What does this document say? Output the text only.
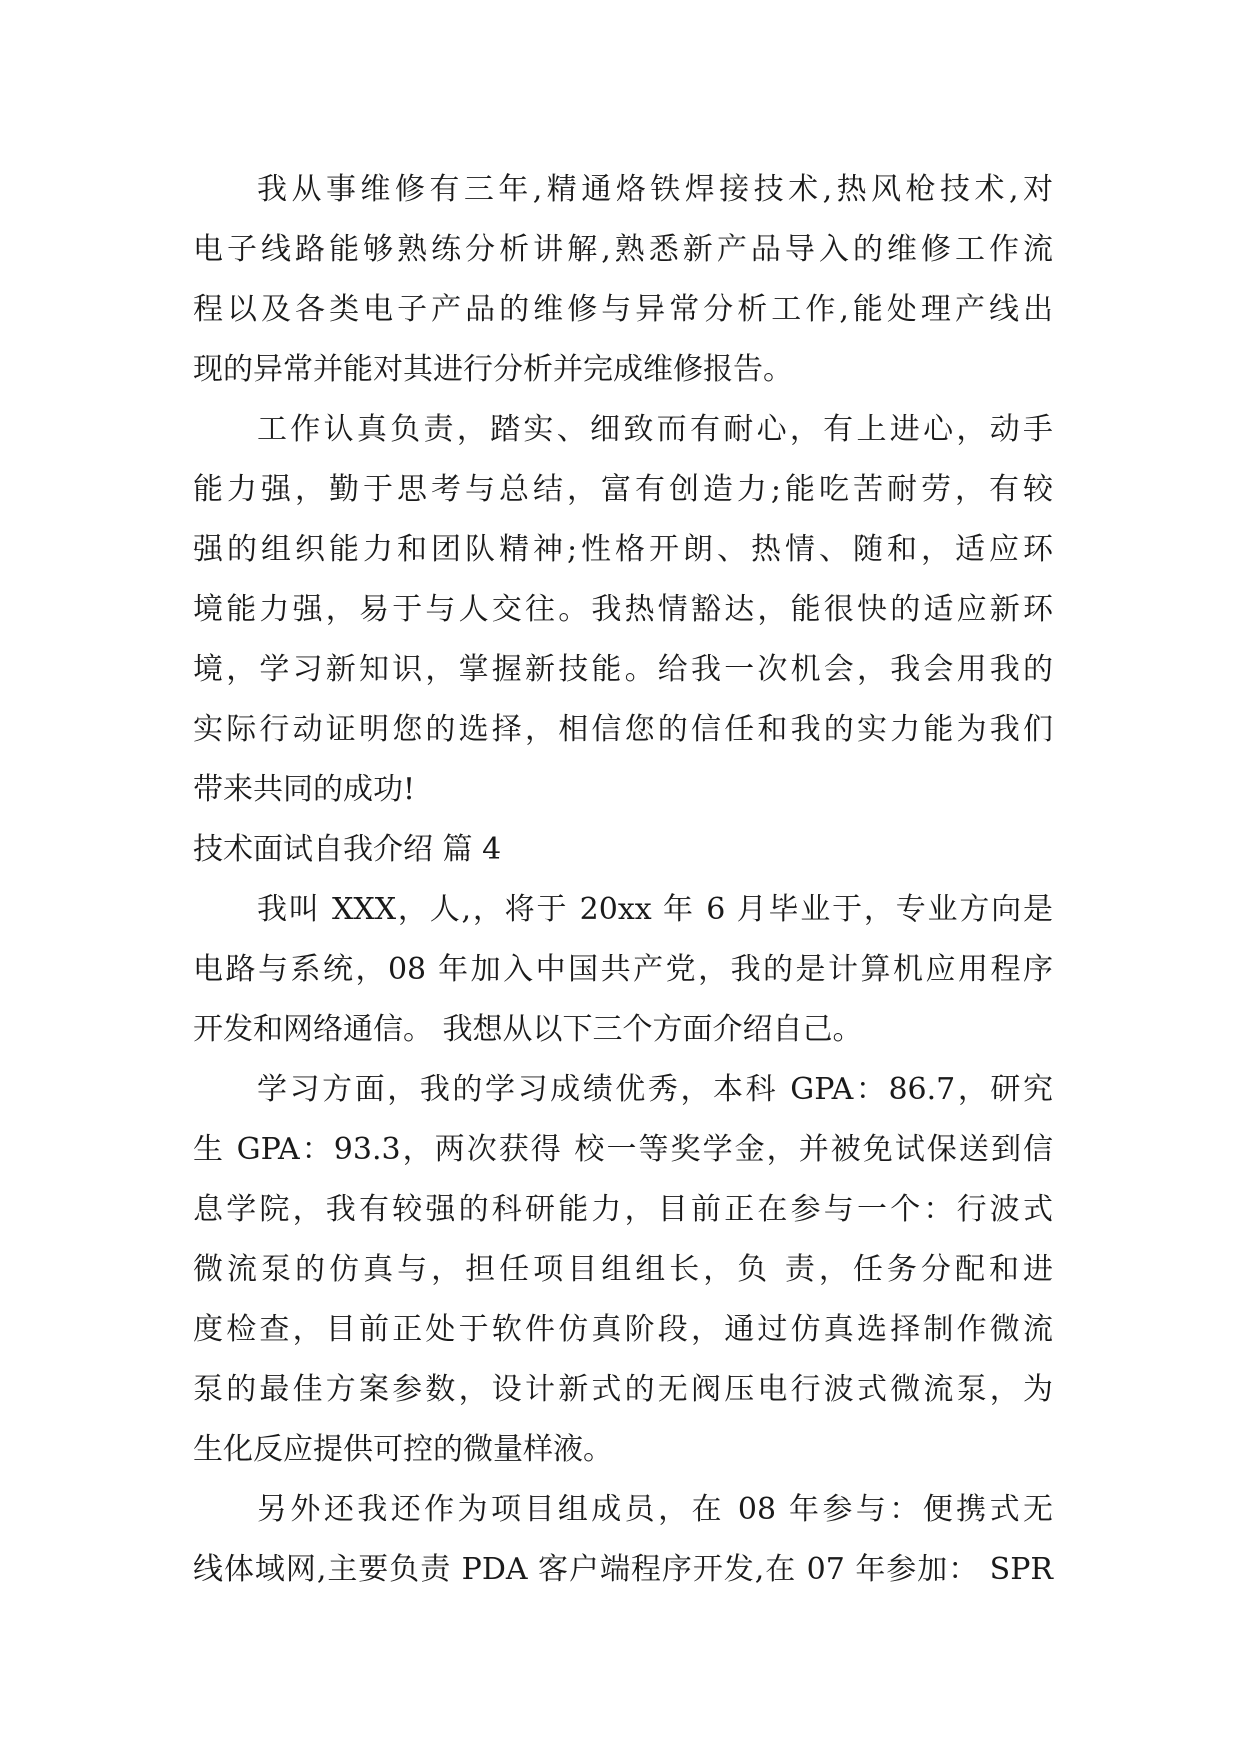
我从事维修有三年,精通烙铁焊接技术,热风枪技术,对
电子线路能够熟练分析讲解,熟悉新产品导入的维修工作流
程以及各类电子产品的维修与异常分析工作,能处理产线出
现的异常并能对其进行分析并完成维修报告。
工作认真负责，踏实、细致而有耐心，有上进心，动手
能力强，勤于思考与总结，富有创造力;能吃苦耐劳，有较
强的组织能力和团队精神;性格开朗、热情、随和，适应环
境能力强，易于与人交往。我热情豁达，能很快的适应新环
境，学习新知识，掌握新技能。给我一次机会，我会用我的
实际行动证明您的选择，相信您的信任和我的实力能为我们
带来共同的成功!
技术面试自我介绍 篇 4
我叫 XXX，人,，将于 20xx 年 6 月毕业于，专业方向是
电路与系统，08 年加入中国共产党，我的是计算机应用程序
开发和网络通信。 我想从以下三个方面介绍自己。
学习方面，我的学习成绩优秀，本科 GPA：86.7，研究
生 GPA：93.3，两次获得 校一等奖学金，并被免试保送到信
息学院，我有较强的科研能力，目前正在参与一个：行波式
微流泵的仿真与，担任项目组组长，负 责，任务分配和进
度检查，目前正处于软件仿真阶段，通过仿真选择制作微流
泵的最佳方案参数，设计新式的无阀压电行波式微流泵，为
生化反应提供可控的微量样液。
另外还我还作为项目组成员，在 08 年参与：便携式无
线体域网,主要负责 PDA 客户端程序开发,在 07 年参加： SPR
